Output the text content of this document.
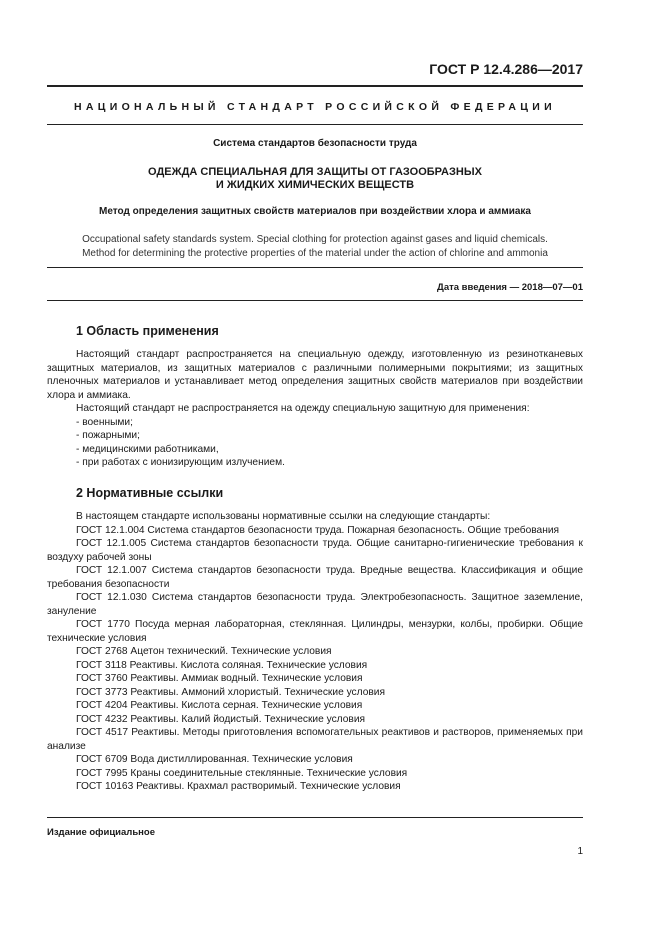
ГОСТ Р 12.4.286—2017
НАЦИОНАЛЬНЫЙ СТАНДАРТ РОССИЙСКОЙ ФЕДЕРАЦИИ
Система стандартов безопасности труда
ОДЕЖДА СПЕЦИАЛЬНАЯ ДЛЯ ЗАЩИТЫ ОТ ГАЗООБРАЗНЫХ
И ЖИДКИХ ХИМИЧЕСКИХ ВЕЩЕСТВ
Метод определения защитных свойств материалов при воздействии хлора и аммиака
Occupational safety standards system. Special clothing for protection against gases and liquid chemicals.
Method for determining the protective properties of the material under the action of chlorine and ammonia
Дата введения — 2018—07—01
1 Область применения

Настоящий стандарт распространяется на специальную одежду, изготовленную из резинотканевых защитных материалов, из защитных материалов с различными полимерными покрытиями; из защитных пленочных материалов и устанавливает метод определения защитных свойств материалов при воздействии хлора и аммиака.

Настоящий стандарт не распространяется на одежду специальную защитную для применения:

- военными;

- пожарными;

- медицинскими работниками,

- при работах с ионизирующим излучением.

2 Нормативные ссылки

В настоящем стандарте использованы нормативные ссылки на следующие стандарты:

ГОСТ 12.1.004 Система стандартов безопасности труда. Пожарная безопасность. Общие требования

ГОСТ 12.1.005 Система стандартов безопасности труда. Общие санитарно-гигиенические требования к воздуху рабочей зоны

ГОСТ 12.1.007 Система стандартов безопасности труда. Вредные вещества. Классификация и общие требования безопасности

ГОСТ 12.1.030 Система стандартов безопасности труда. Электробезопасность. Защитное заземление, зануление

ГОСТ 1770 Посуда мерная лабораторная, стеклянная. Цилиндры, мензурки, колбы, пробирки. Общие технические условия

ГОСТ 2768 Ацетон технический. Технические условия

ГОСТ 3118 Реактивы. Кислота соляная. Технические условия

ГОСТ 3760 Реактивы. Аммиак водный. Технические условия

ГОСТ 3773 Реактивы. Аммоний хлористый. Технические условия

ГОСТ 4204 Реактивы. Кислота серная. Технические условия

ГОСТ 4232 Реактивы. Калий йодистый. Технические условия

ГОСТ 4517 Реактивы. Методы приготовления вспомогательных реактивов и растворов, применяемых при анализе

ГОСТ 6709 Вода дистиллированная. Технические условия

ГОСТ 7995 Краны соединительные стеклянные. Технические условия

ГОСТ 10163 Реактивы. Крахмал растворимый. Технические условия

Издание официальное
1
